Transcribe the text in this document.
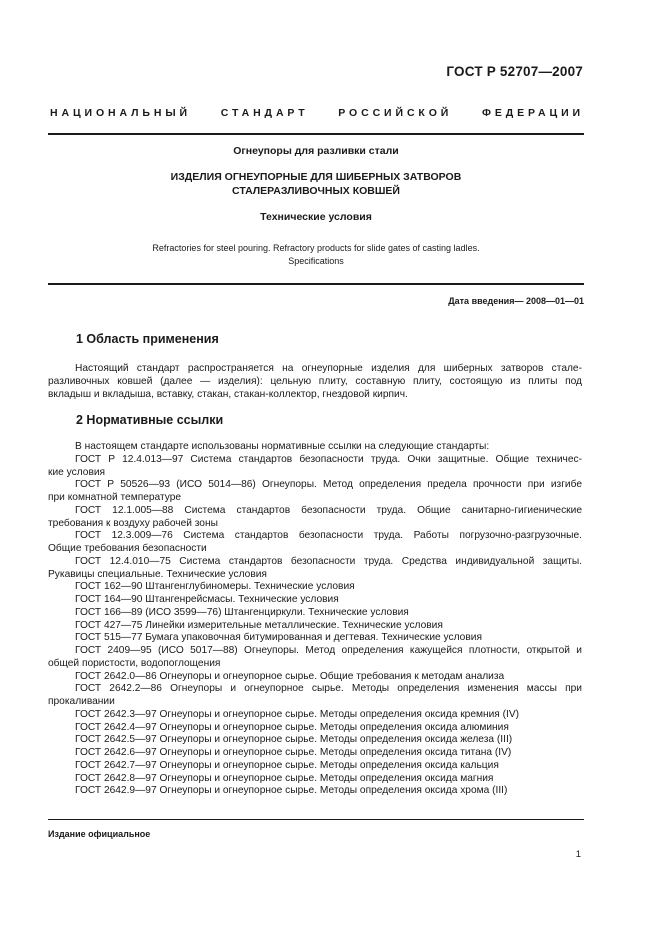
ГОСТ Р 52707—2007
НАЦИОНАЛЬНЫЙ СТАНДАРТ РОССИЙСКОЙ ФЕДЕРАЦИИ
Огнеупоры для разливки стали
ИЗДЕЛИЯ ОГНЕУПОРНЫЕ ДЛЯ ШИБЕРНЫХ ЗАТВОРОВ
СТАЛЕРАЗЛИВОЧНЫХ КОВШЕЙ
Технические условия
Refractories for steel pouring. Refractory products for slide gates of casting ladles.
Specifications
Дата введения— 2008—01—01
1 Область применения
Настоящий стандарт распространяется на огнеупорные изделия для шиберных затворов стале-
разливочных ковшей (далее — изделия): цельную плиту, составную плиту, состоящую из плиты под
вкладыш и вкладыша, вставку, стакан, стакан-коллектор, гнездовой кирпич.
2 Нормативные ссылки
В настоящем стандарте использованы нормативные ссылки на следующие стандарты:
ГОСТ Р 12.4.013—97 Система стандартов безопасности труда. Очки защитные. Общие техничес-
кие условия
ГОСТ Р 50526—93 (ИСО 5014—86) Огнеупоры. Метод определения предела прочности при изгибе
при комнатной температуре
ГОСТ 12.1.005—88 Система стандартов безопасности труда. Общие санитарно-гигиенические
требования к воздуху рабочей зоны
ГОСТ 12.3.009—76 Система стандартов безопасности труда. Работы погрузочно-разгрузочные.
Общие требования безопасности
ГОСТ 12.4.010—75 Система стандартов безопасности труда. Средства индивидуальной защиты.
Рукавицы специальные. Технические условия
ГОСТ 162—90 Штангенглубиномеры. Технические условия
ГОСТ 164—90 Штангенрейсмасы. Технические условия
ГОСТ 166—89 (ИСО 3599—76) Штангенциркули. Технические условия
ГОСТ 427—75 Линейки измерительные металлические. Технические условия
ГОСТ 515—77 Бумага упаковочная битумированная и дегтевая. Технические условия
ГОСТ 2409—95 (ИСО 5017—88) Огнеупоры. Метод определения кажущейся плотности, открытой и
общей пористости, водопоглощения
ГОСТ 2642.0—86 Огнеупоры и огнеупорное сырье. Общие требования к методам анализа
ГОСТ 2642.2—86 Огнеупоры и огнеупорное сырье. Методы определения изменения массы при
прокаливании
ГОСТ 2642.3—97 Огнеупоры и огнеупорное сырье. Методы определения оксида кремния (IV)
ГОСТ 2642.4—97 Огнеупоры и огнеупорное сырье. Методы определения оксида алюминия
ГОСТ 2642.5—97 Огнеупоры и огнеупорное сырье. Методы определения оксида железа (III)
ГОСТ 2642.6—97 Огнеупоры и огнеупорное сырье. Методы определения оксида титана (IV)
ГОСТ 2642.7—97 Огнеупоры и огнеупорное сырье. Методы определения оксида кальция
ГОСТ 2642.8—97 Огнеупоры и огнеупорное сырье. Методы определения оксида магния
ГОСТ 2642.9—97 Огнеупоры и огнеупорное сырье. Методы определения оксида хрома (III)
Издание официальное
1
